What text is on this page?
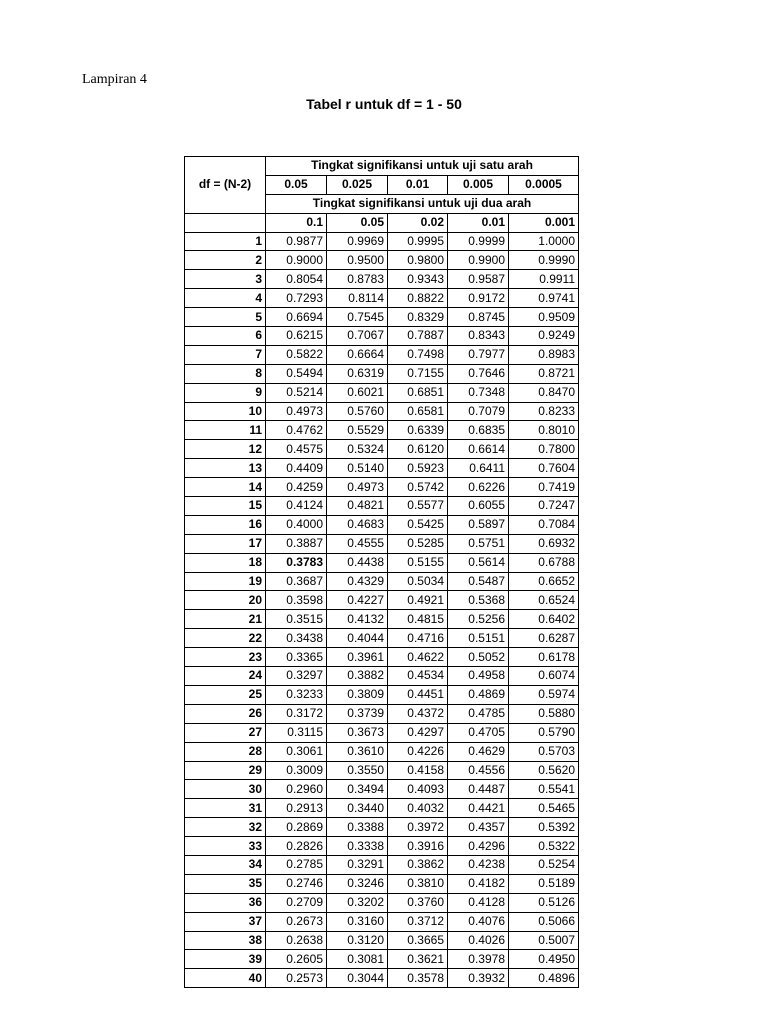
Lampiran 4
Tabel r untuk df = 1 - 50
df = (N-2)	Tingkat signifikansi untuk uji satu arah				
	0.05	0.025	0.01	0.005	0.0005
	Tingkat signifikansi untuk uji dua arah				
	0.1	0.05	0.02	0.01	0.001
1	0.9877	0.9969	0.9995	0.9999	1.0000
2	0.9000	0.9500	0.9800	0.9900	0.9990
3	0.8054	0.8783	0.9343	0.9587	0.9911
4	0.7293	0.8114	0.8822	0.9172	0.9741
5	0.6694	0.7545	0.8329	0.8745	0.9509
6	0.6215	0.7067	0.7887	0.8343	0.9249
7	0.5822	0.6664	0.7498	0.7977	0.8983
8	0.5494	0.6319	0.7155	0.7646	0.8721
9	0.5214	0.6021	0.6851	0.7348	0.8470
10	0.4973	0.5760	0.6581	0.7079	0.8233
11	0.4762	0.5529	0.6339	0.6835	0.8010
12	0.4575	0.5324	0.6120	0.6614	0.7800
13	0.4409	0.5140	0.5923	0.6411	0.7604
14	0.4259	0.4973	0.5742	0.6226	0.7419
15	0.4124	0.4821	0.5577	0.6055	0.7247
16	0.4000	0.4683	0.5425	0.5897	0.7084
17	0.3887	0.4555	0.5285	0.5751	0.6932
18	0.3783	0.4438	0.5155	0.5614	0.6788
19	0.3687	0.4329	0.5034	0.5487	0.6652
20	0.3598	0.4227	0.4921	0.5368	0.6524
21	0.3515	0.4132	0.4815	0.5256	0.6402
22	0.3438	0.4044	0.4716	0.5151	0.6287
23	0.3365	0.3961	0.4622	0.5052	0.6178
24	0.3297	0.3882	0.4534	0.4958	0.6074
25	0.3233	0.3809	0.4451	0.4869	0.5974
26	0.3172	0.3739	0.4372	0.4785	0.5880
27	0.3115	0.3673	0.4297	0.4705	0.5790
28	0.3061	0.3610	0.4226	0.4629	0.5703
29	0.3009	0.3550	0.4158	0.4556	0.5620
30	0.2960	0.3494	0.4093	0.4487	0.5541
31	0.2913	0.3440	0.4032	0.4421	0.5465
32	0.2869	0.3388	0.3972	0.4357	0.5392
33	0.2826	0.3338	0.3916	0.4296	0.5322
34	0.2785	0.3291	0.3862	0.4238	0.5254
35	0.2746	0.3246	0.3810	0.4182	0.5189
36	0.2709	0.3202	0.3760	0.4128	0.5126
37	0.2673	0.3160	0.3712	0.4076	0.5066
38	0.2638	0.3120	0.3665	0.4026	0.5007
39	0.2605	0.3081	0.3621	0.3978	0.4950
40	0.2573	0.3044	0.3578	0.3932	0.4896
